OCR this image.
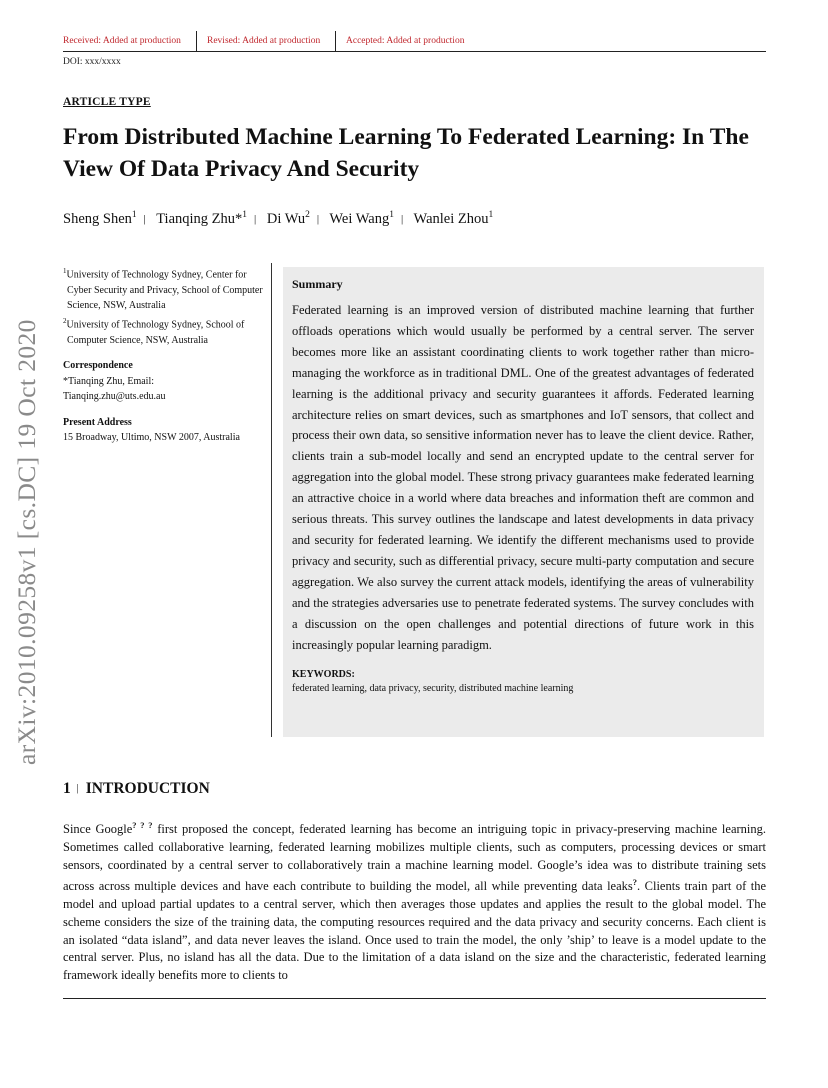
Received: Added at production	Revised: Added at production	Accepted: Added at production
DOI: xxx/xxxx
arXiv:2010.09258v1 [cs.DC] 19 Oct 2020
ARTICLE TYPE
From Distributed Machine Learning To Federated Learning: In The View Of Data Privacy And Security
Sheng Shen$^1$ | Tianqing Zhu*$^1$ | Di Wu$^2$ | Wei Wang$^1$ | Wanlei Zhou$^1$
$^1$University of Technology Sydney, Center for Cyber Security and Privacy, School of Computer Science, NSW, Australia
$^2$University of Technology Sydney, School of Computer Science, NSW, Australia
Correspondence
*Tianqing Zhu, Email:
Tianqing.zhu@uts.edu.au
Present Address
15 Broadway, Ultimo, NSW 2007, Australia
Summary

Federated learning is an improved version of distributed machine learning that further offloads operations which would usually be performed by a central server. The server becomes more like an assistant coordinating clients to work together rather than micro-managing the workforce as in traditional DML. One of the greatest advantages of federated learning is the additional privacy and security guarantees it affords. Federated learning architecture relies on smart devices, such as smartphones and IoT sensors, that collect and process their own data, so sensitive information never has to leave the client device. Rather, clients train a sub-model locally and send an encrypted update to the central server for aggregation into the global model. These strong privacy guarantees make federated learning an attractive choice in a world where data breaches and information theft are common and serious threats. This survey outlines the landscape and latest developments in data privacy and security for federated learning. We identify the different mechanisms used to provide privacy and security, such as differential privacy, secure multi-party computation and secure aggregation. We also survey the current attack models, identifying the areas of vulnerability and the strategies adversaries use to penetrate federated systems. The survey concludes with a discussion on the open challenges and potential directions of future work in this increasingly popular learning paradigm.

KEYWORDS:
federated learning, data privacy, security, distributed machine learning
1 | INTRODUCTION

Since Google? ? ? first proposed the concept, federated learning has become an intriguing topic in privacy-preserving machine learning. Sometimes called collaborative learning, federated learning mobilizes multiple clients, such as computers, processing devices or smart sensors, coordinated by a central server to collaboratively train a machine learning model. Google’s idea was to distribute training sets across across multiple devices and have each contribute to building the model, all while preventing data leaks?. Clients train part of the model and upload partial updates to a central server, which then averages those updates and applies the result to the global model. The scheme considers the size of the training data, the computing resources required and the data privacy and security concerns. Each client is an isolated “data island”, and data never leaves the island. Once used to train the model, the only ’ship’ to leave is a model update to the central server. Plus, no island has all the data. Due to the limitation of a data island on the size and the characteristic, federated learning framework ideally benefits more to clients to
